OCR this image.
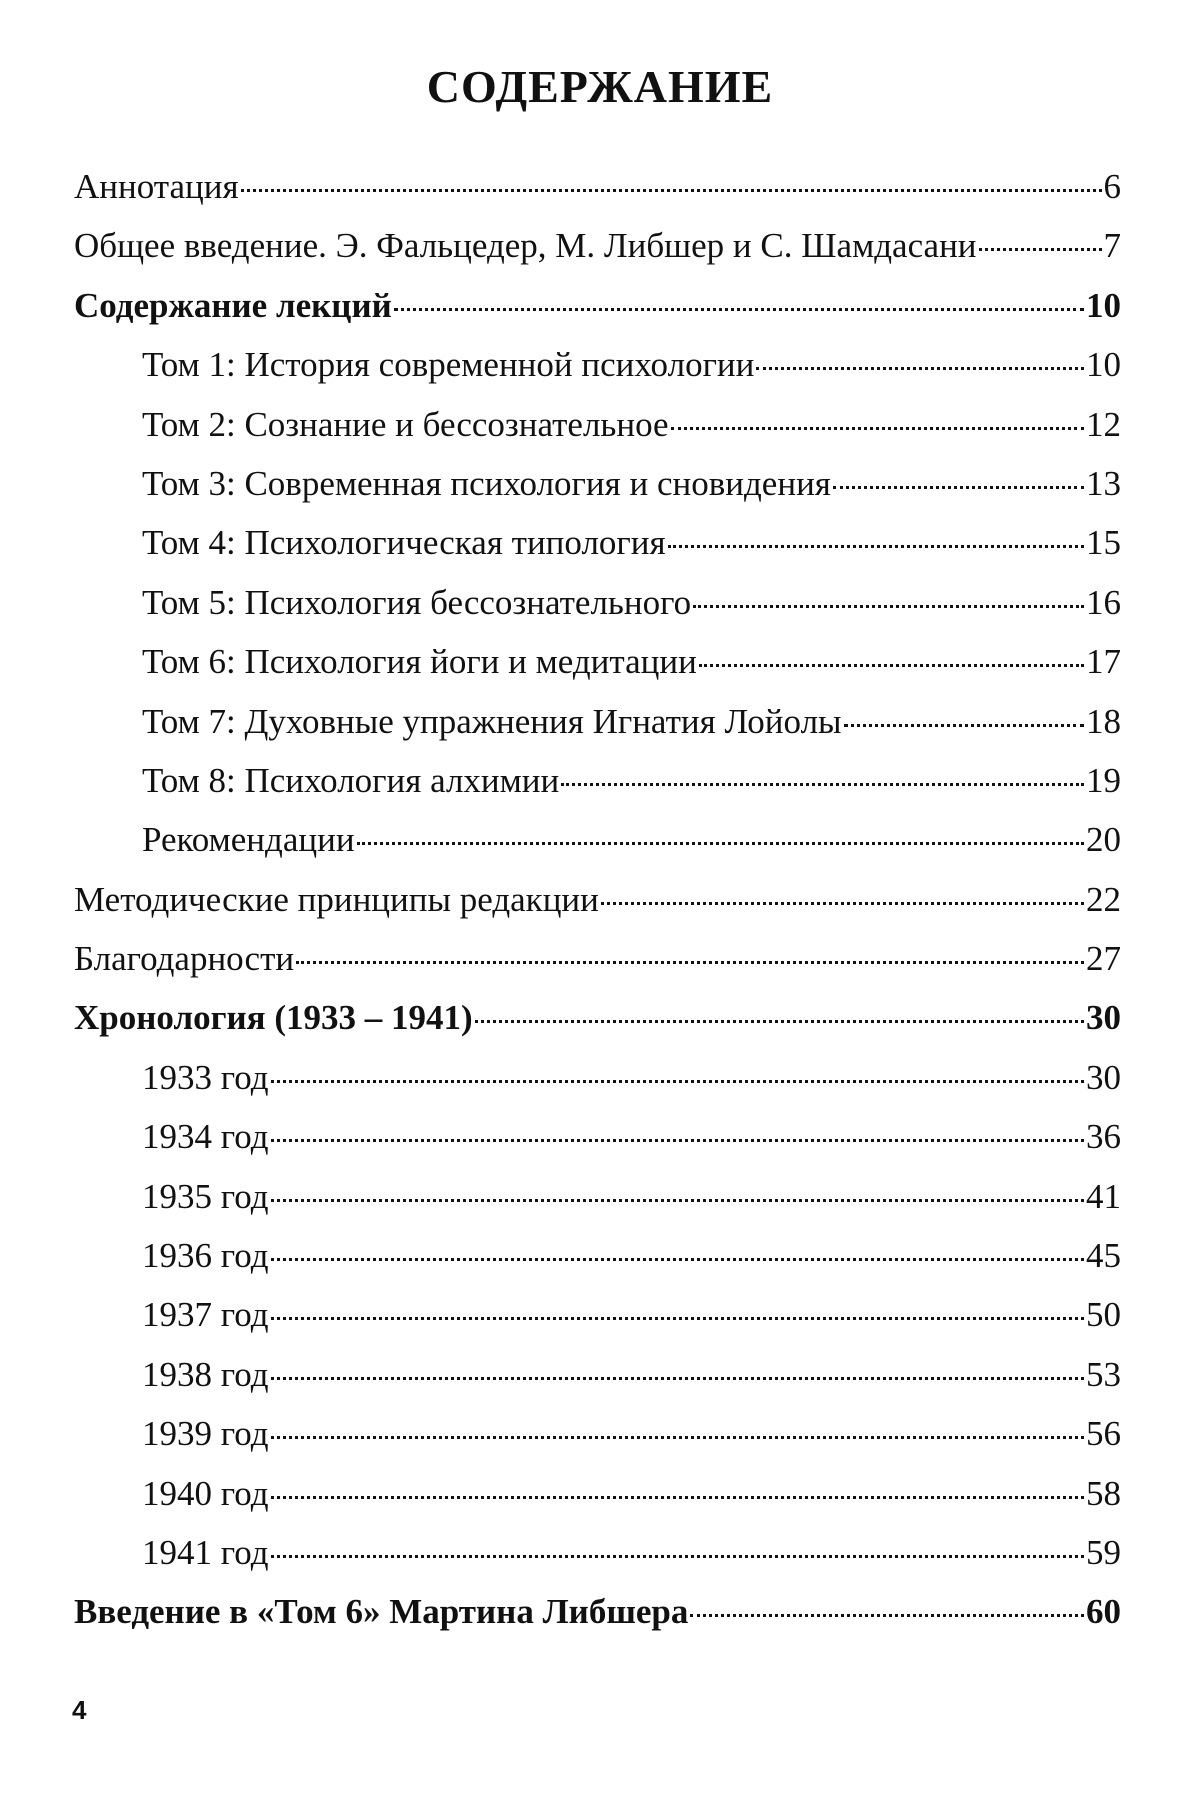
СОДЕРЖАНИЕ
Аннотация	6
Общее введение. Э. Фальцедер, М. Либшер и С. Шамдасани	7
Содержание лекций	10
Том 1: История современной психологии	10
Том 2: Сознание и бессознательное	12
Том 3: Современная психология и сновидения	13
Том 4: Психологическая типология	15
Том 5: Психология бессознательного	16
Том 6: Психология йоги и медитации	17
Том 7: Духовные упражнения Игнатия Лойолы	18
Том 8: Психология алхимии	19
Рекомендации	20
Методические принципы редакции	22
Благодарности	27
Хронология (1933 – 1941)	30
1933 год	30
1934 год	36
1935 год	41
1936 год	45
1937 год	50
1938 год	53
1939 год	56
1940 год	58
1941 год	59
Введение в «Том 6» Мартина Либшера	60
4
